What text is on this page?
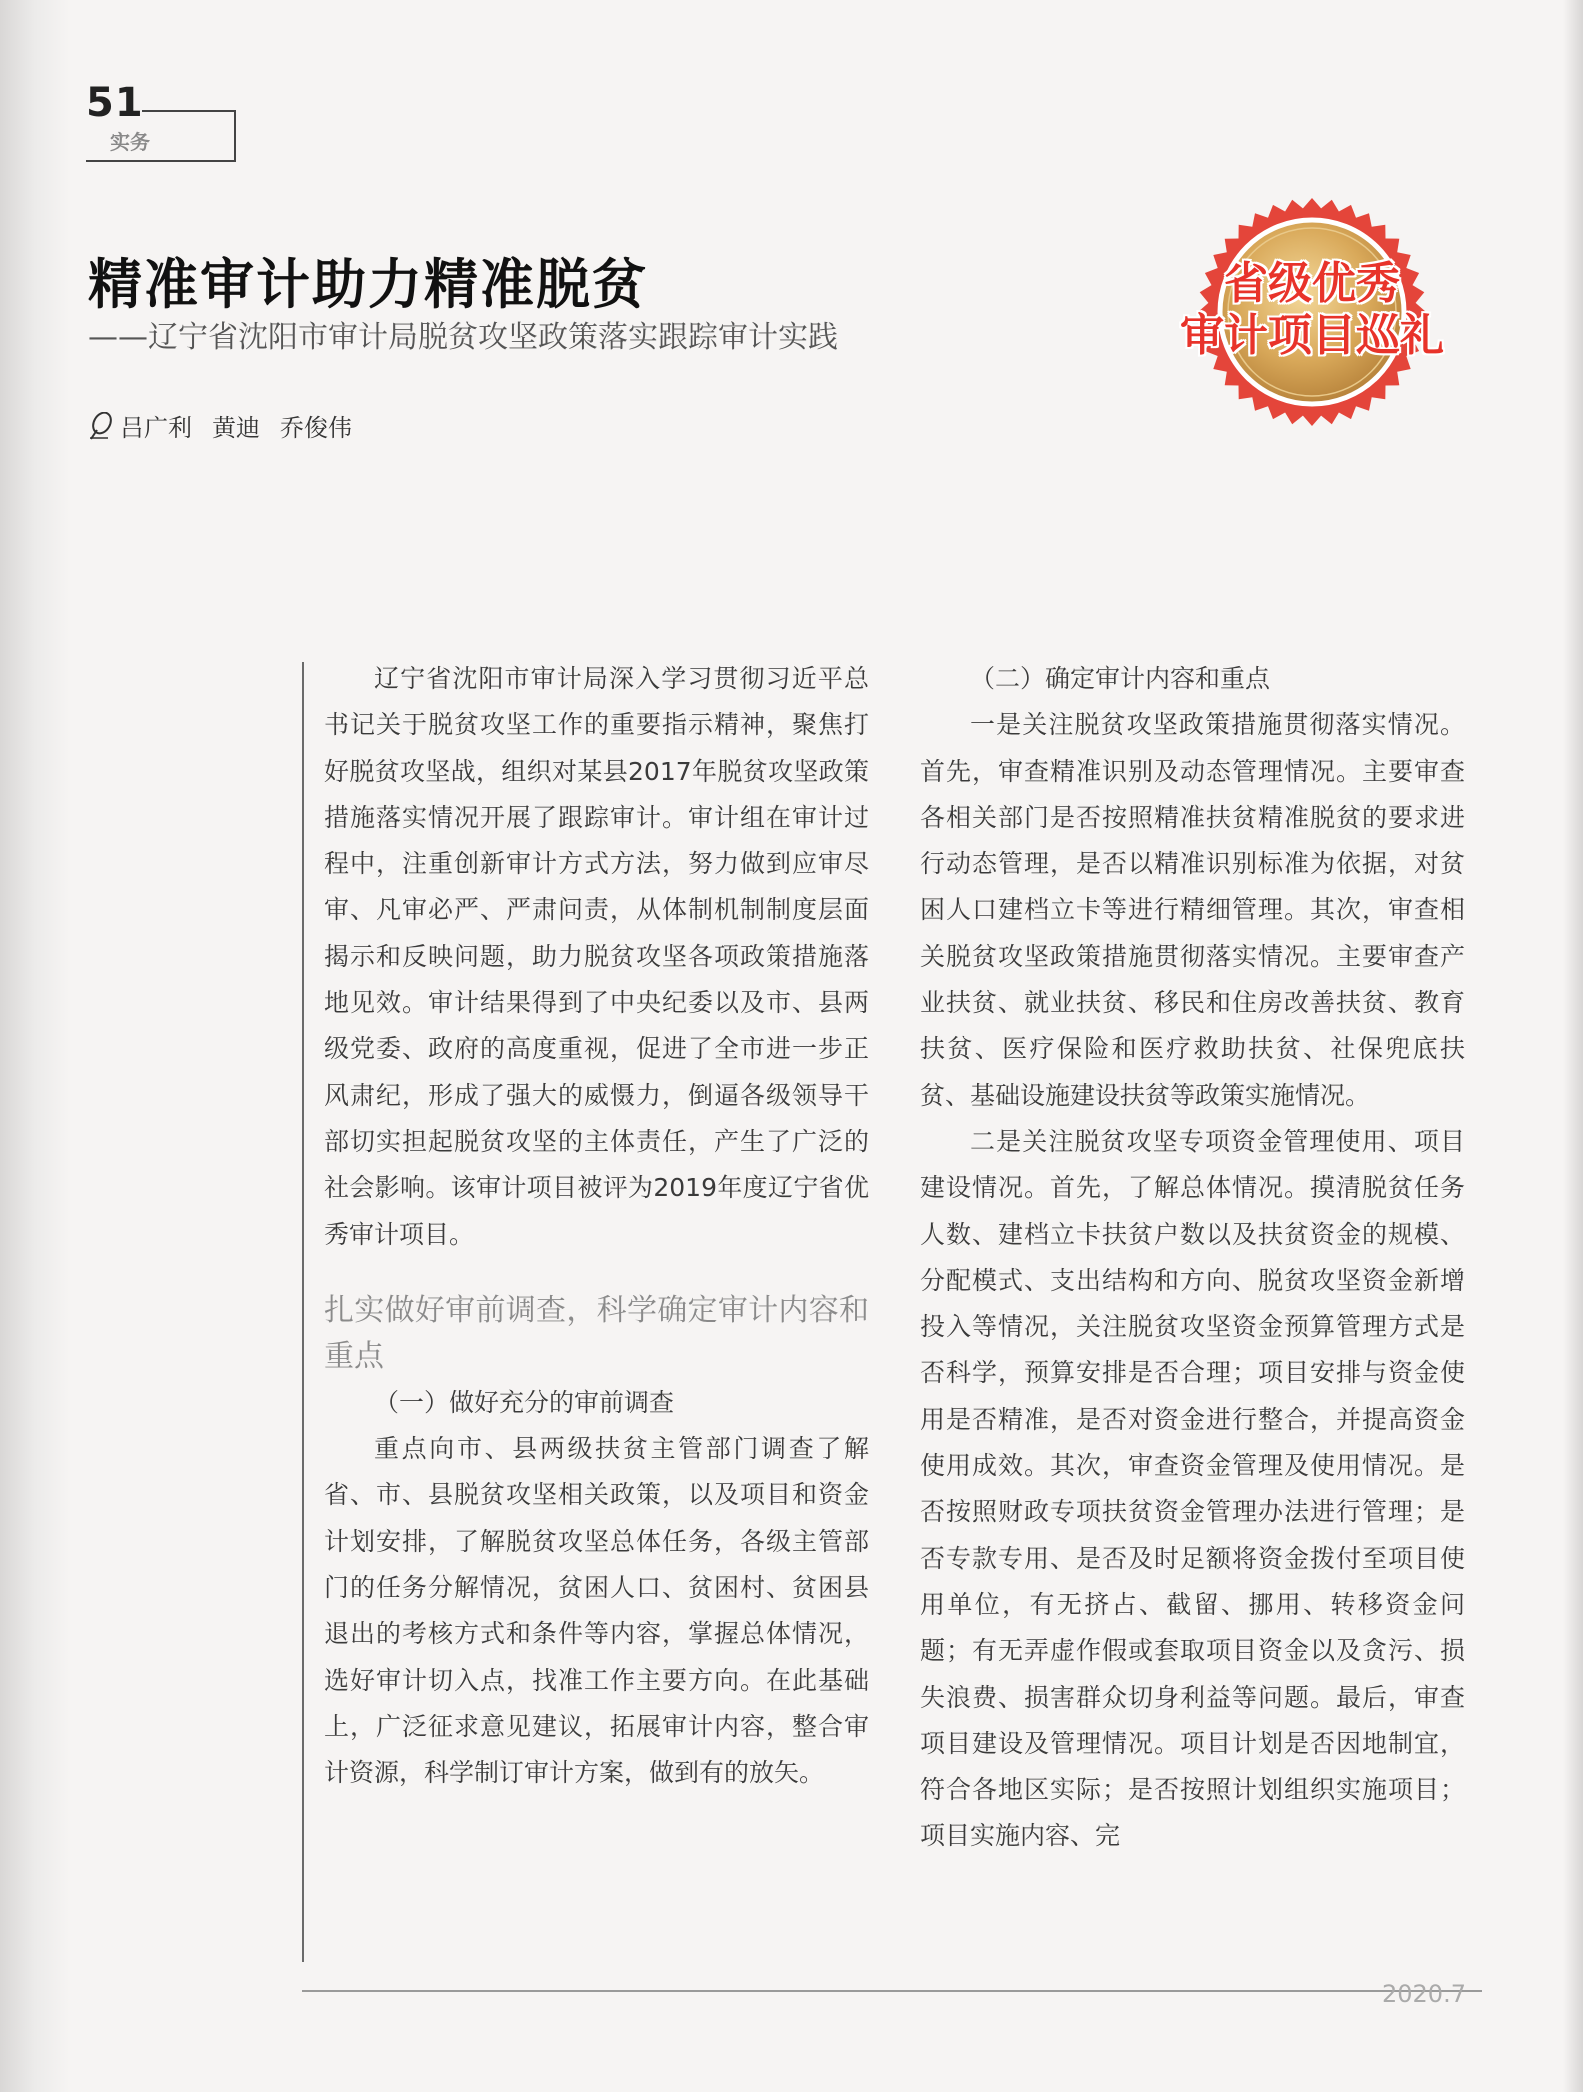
51
实务
精准审计助力精准脱贫
——辽宁省沈阳市审计局脱贫攻坚政策落实跟踪审计实践
吕广利 黄迪 乔俊伟
省级优秀
审计项目巡礼

辽宁省沈阳市审计局深入学习贯彻习近平总书记关于脱贫攻坚工作的重要指示精神，聚焦打好脱贫攻坚战，组织对某县2017年脱贫攻坚政策措施落实情况开展了跟踪审计。审计组在审计过程中，注重创新审计方式方法，努力做到应审尽审、凡审必严、严肃问责，从体制机制制度层面揭示和反映问题，助力脱贫攻坚各项政策措施落地见效。审计结果得到了中央纪委以及市、县两级党委、政府的高度重视，促进了全市进一步正风肃纪，形成了强大的威慑力，倒逼各级领导干部切实担起脱贫攻坚的主体责任，产生了广泛的社会影响。该审计项目被评为2019年度辽宁省优秀审计项目。

扎实做好审前调查，科学确定审计内容和重点

（一）做好充分的审前调查

重点向市、县两级扶贫主管部门调查了解省、市、县脱贫攻坚相关政策，以及项目和资金计划安排，了解脱贫攻坚总体任务，各级主管部门的任务分解情况，贫困人口、贫困村、贫困县退出的考核方式和条件等内容，掌握总体情况，选好审计切入点，找准工作主要方向。在此基础上，广泛征求意见建议，拓展审计内容，整合审计资源，科学制订审计方案，做到有的放矢。

（二）确定审计内容和重点

一是关注脱贫攻坚政策措施贯彻落实情况。首先，审查精准识别及动态管理情况。主要审查各相关部门是否按照精准扶贫精准脱贫的要求进行动态管理，是否以精准识别标准为依据，对贫困人口建档立卡等进行精细管理。其次，审查相关脱贫攻坚政策措施贯彻落实情况。主要审查产业扶贫、就业扶贫、移民和住房改善扶贫、教育扶贫、医疗保险和医疗救助扶贫、社保兜底扶贫、基础设施建设扶贫等政策实施情况。

二是关注脱贫攻坚专项资金管理使用、项目建设情况。首先，了解总体情况。摸清脱贫任务人数、建档立卡扶贫户数以及扶贫资金的规模、分配模式、支出结构和方向、脱贫攻坚资金新增投入等情况，关注脱贫攻坚资金预算管理方式是否科学，预算安排是否合理；项目安排与资金使用是否精准，是否对资金进行整合，并提高资金使用成效。其次，审查资金管理及使用情况。是否按照财政专项扶贫资金管理办法进行管理；是否专款专用、是否及时足额将资金拨付至项目使用单位，有无挤占、截留、挪用、转移资金问题；有无弄虚作假或套取项目资金以及贪污、损失浪费、损害群众切身利益等问题。最后，审查项目建设及管理情况。项目计划是否因地制宜，符合各地区实际；是否按照计划组织实施项目；项目实施内容、完

2020.7
